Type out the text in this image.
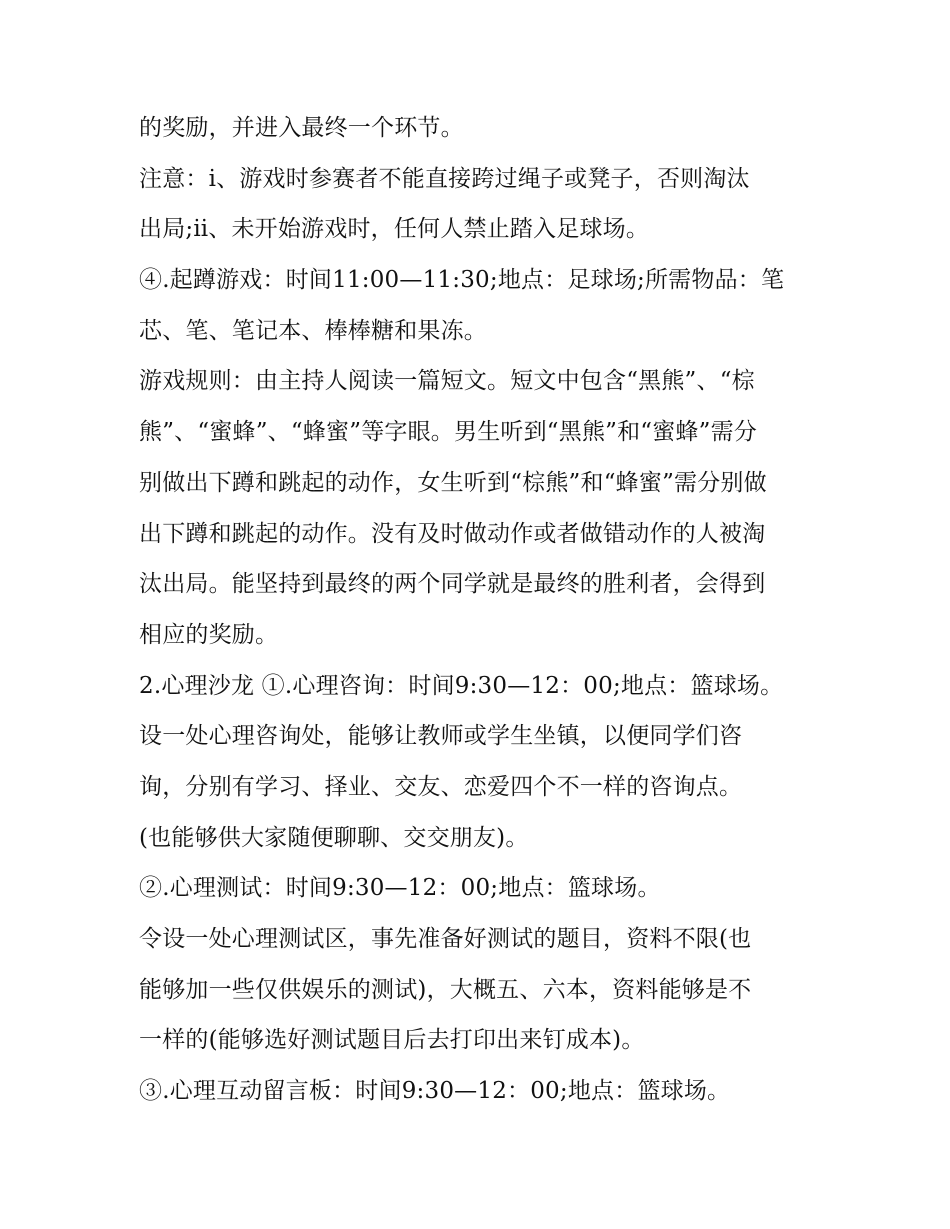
的奖励，并进入最终一个环节。
注意：ⅰ、游戏时参赛者不能直接跨过绳子或凳子，否则淘汰
出局;ⅱ、未开始游戏时，任何人禁止踏入足球场。
④.起蹲游戏：时间11:00—11:30;地点：足球场;所需物品：笔
芯、笔、笔记本、棒棒糖和果冻。
游戏规则：由主持人阅读一篇短文。短文中包含“黑熊”、“棕
熊”、“蜜蜂”、“蜂蜜”等字眼。男生听到“黑熊”和“蜜蜂”需分
别做出下蹲和跳起的动作，女生听到“棕熊”和“蜂蜜”需分别做
出下蹲和跳起的动作。没有及时做动作或者做错动作的人被淘
汰出局。能坚持到最终的两个同学就是最终的胜利者，会得到
相应的奖励。
2.心理沙龙 ①.心理咨询：时间9:30—12：00;地点：篮球场。
设一处心理咨询处，能够让教师或学生坐镇，以便同学们咨
询，分别有学习、择业、交友、恋爱四个不一样的咨询点。
(也能够供大家随便聊聊、交交朋友)。
②.心理测试：时间9:30—12：00;地点：篮球场。
令设一处心理测试区，事先准备好测试的题目，资料不限(也
能够加一些仅供娱乐的测试)，大概五、六本，资料能够是不
一样的(能够选好测试题目后去打印出来钉成本)。
③.心理互动留言板：时间9:30—12：00;地点：篮球场。
